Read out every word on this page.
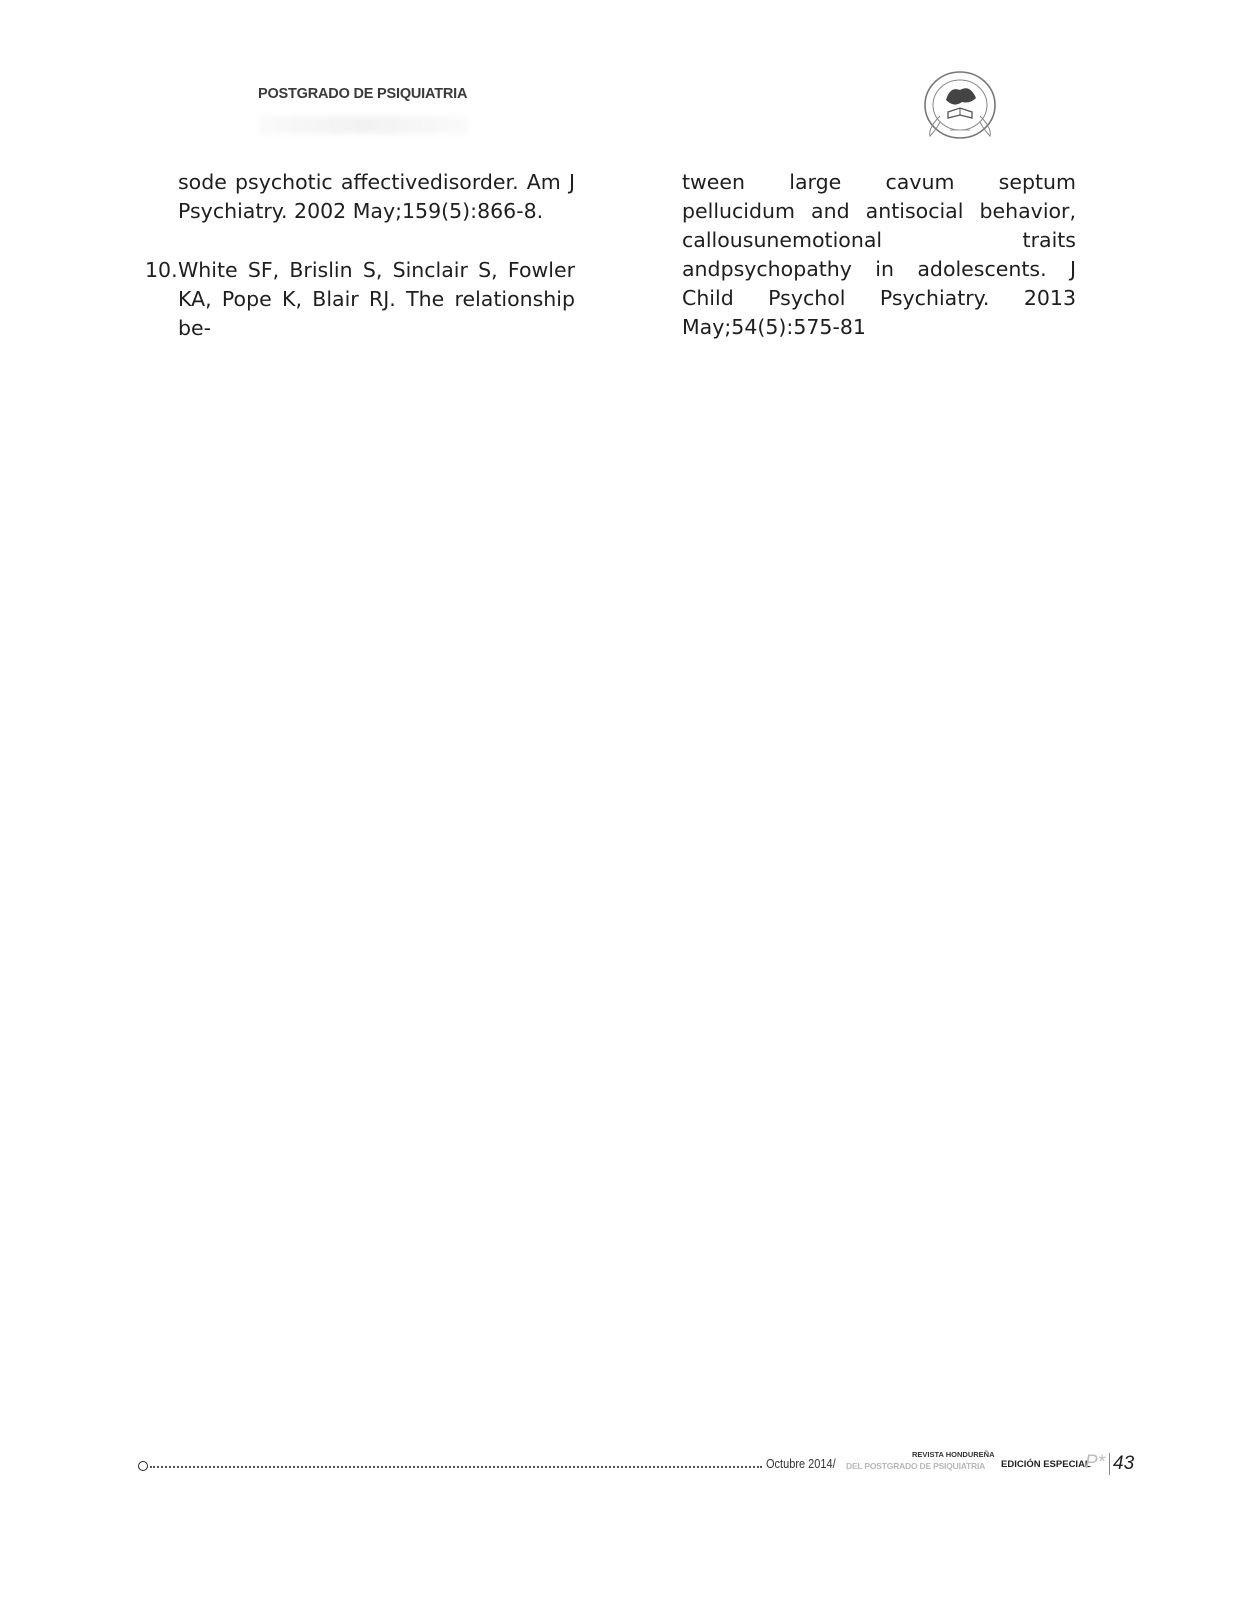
POSTGRADO DE PSIQUIATRIA
sode psychotic affectivedisorder. Am J Psychiatry. 2002 May;159(5):866-8.
10. White SF, Brislin S, Sinclair S, Fowler KA, Pope K, Blair RJ. The relationship be-
tween large cavum septum pellucidum and antisocial behavior, callousunemotional traits andpsychopathy in adolescents. J Child Psychol Psychiatry. 2013 May;54(5):575-81
Octubre 2014/
REVISTA HONDUREÑA
DEL POSTGRADO DE PSIQUIATRIA EDICIÓN ESPECIAL
P* 43
